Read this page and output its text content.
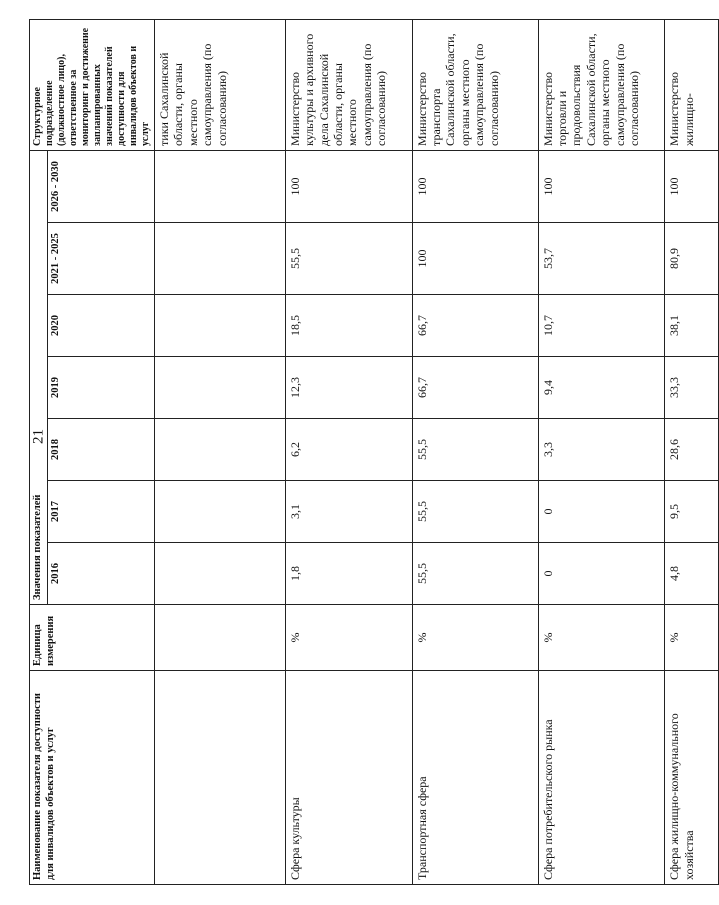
21
Наименование показателя доступности для инвалидов объектов и услуг	Единица измерения	Значения показателей							Структурное подразделение (должностное лицо), ответственное за мониторинг и достижение запланированных значений показателей доступности для инвалидов объектов и услуг
		2016	2017	2018	2019	2020	2021 - 2025	2026 - 2030	
									тики Сахалинской области, органы местного самоуправления (по согласованию)
Сфера культуры	%	1,8	3,1	6,2	12,3	18,5	55,5	100	Министерство культуры и архивного дела Сахалинской области, органы местного самоуправления (по согласованию)
Транспортная сфера	%	55,5	55,5	55,5	66,7	66,7	100	100	Министерство транспорта Сахалинской области, органы местного самоуправления (по согласованию)
Сфера потребительского рынка	%	0	0	3,3	9,4	10,7	53,7	100	Министерство торговли и продовольствия Сахалинской области, органы местного самоуправления (по согласованию)
Сфера жилищно-коммунального хозяйства	%	4,8	9,5	28,6	33,3	38,1	80,9	100	Министерство жилищно-
